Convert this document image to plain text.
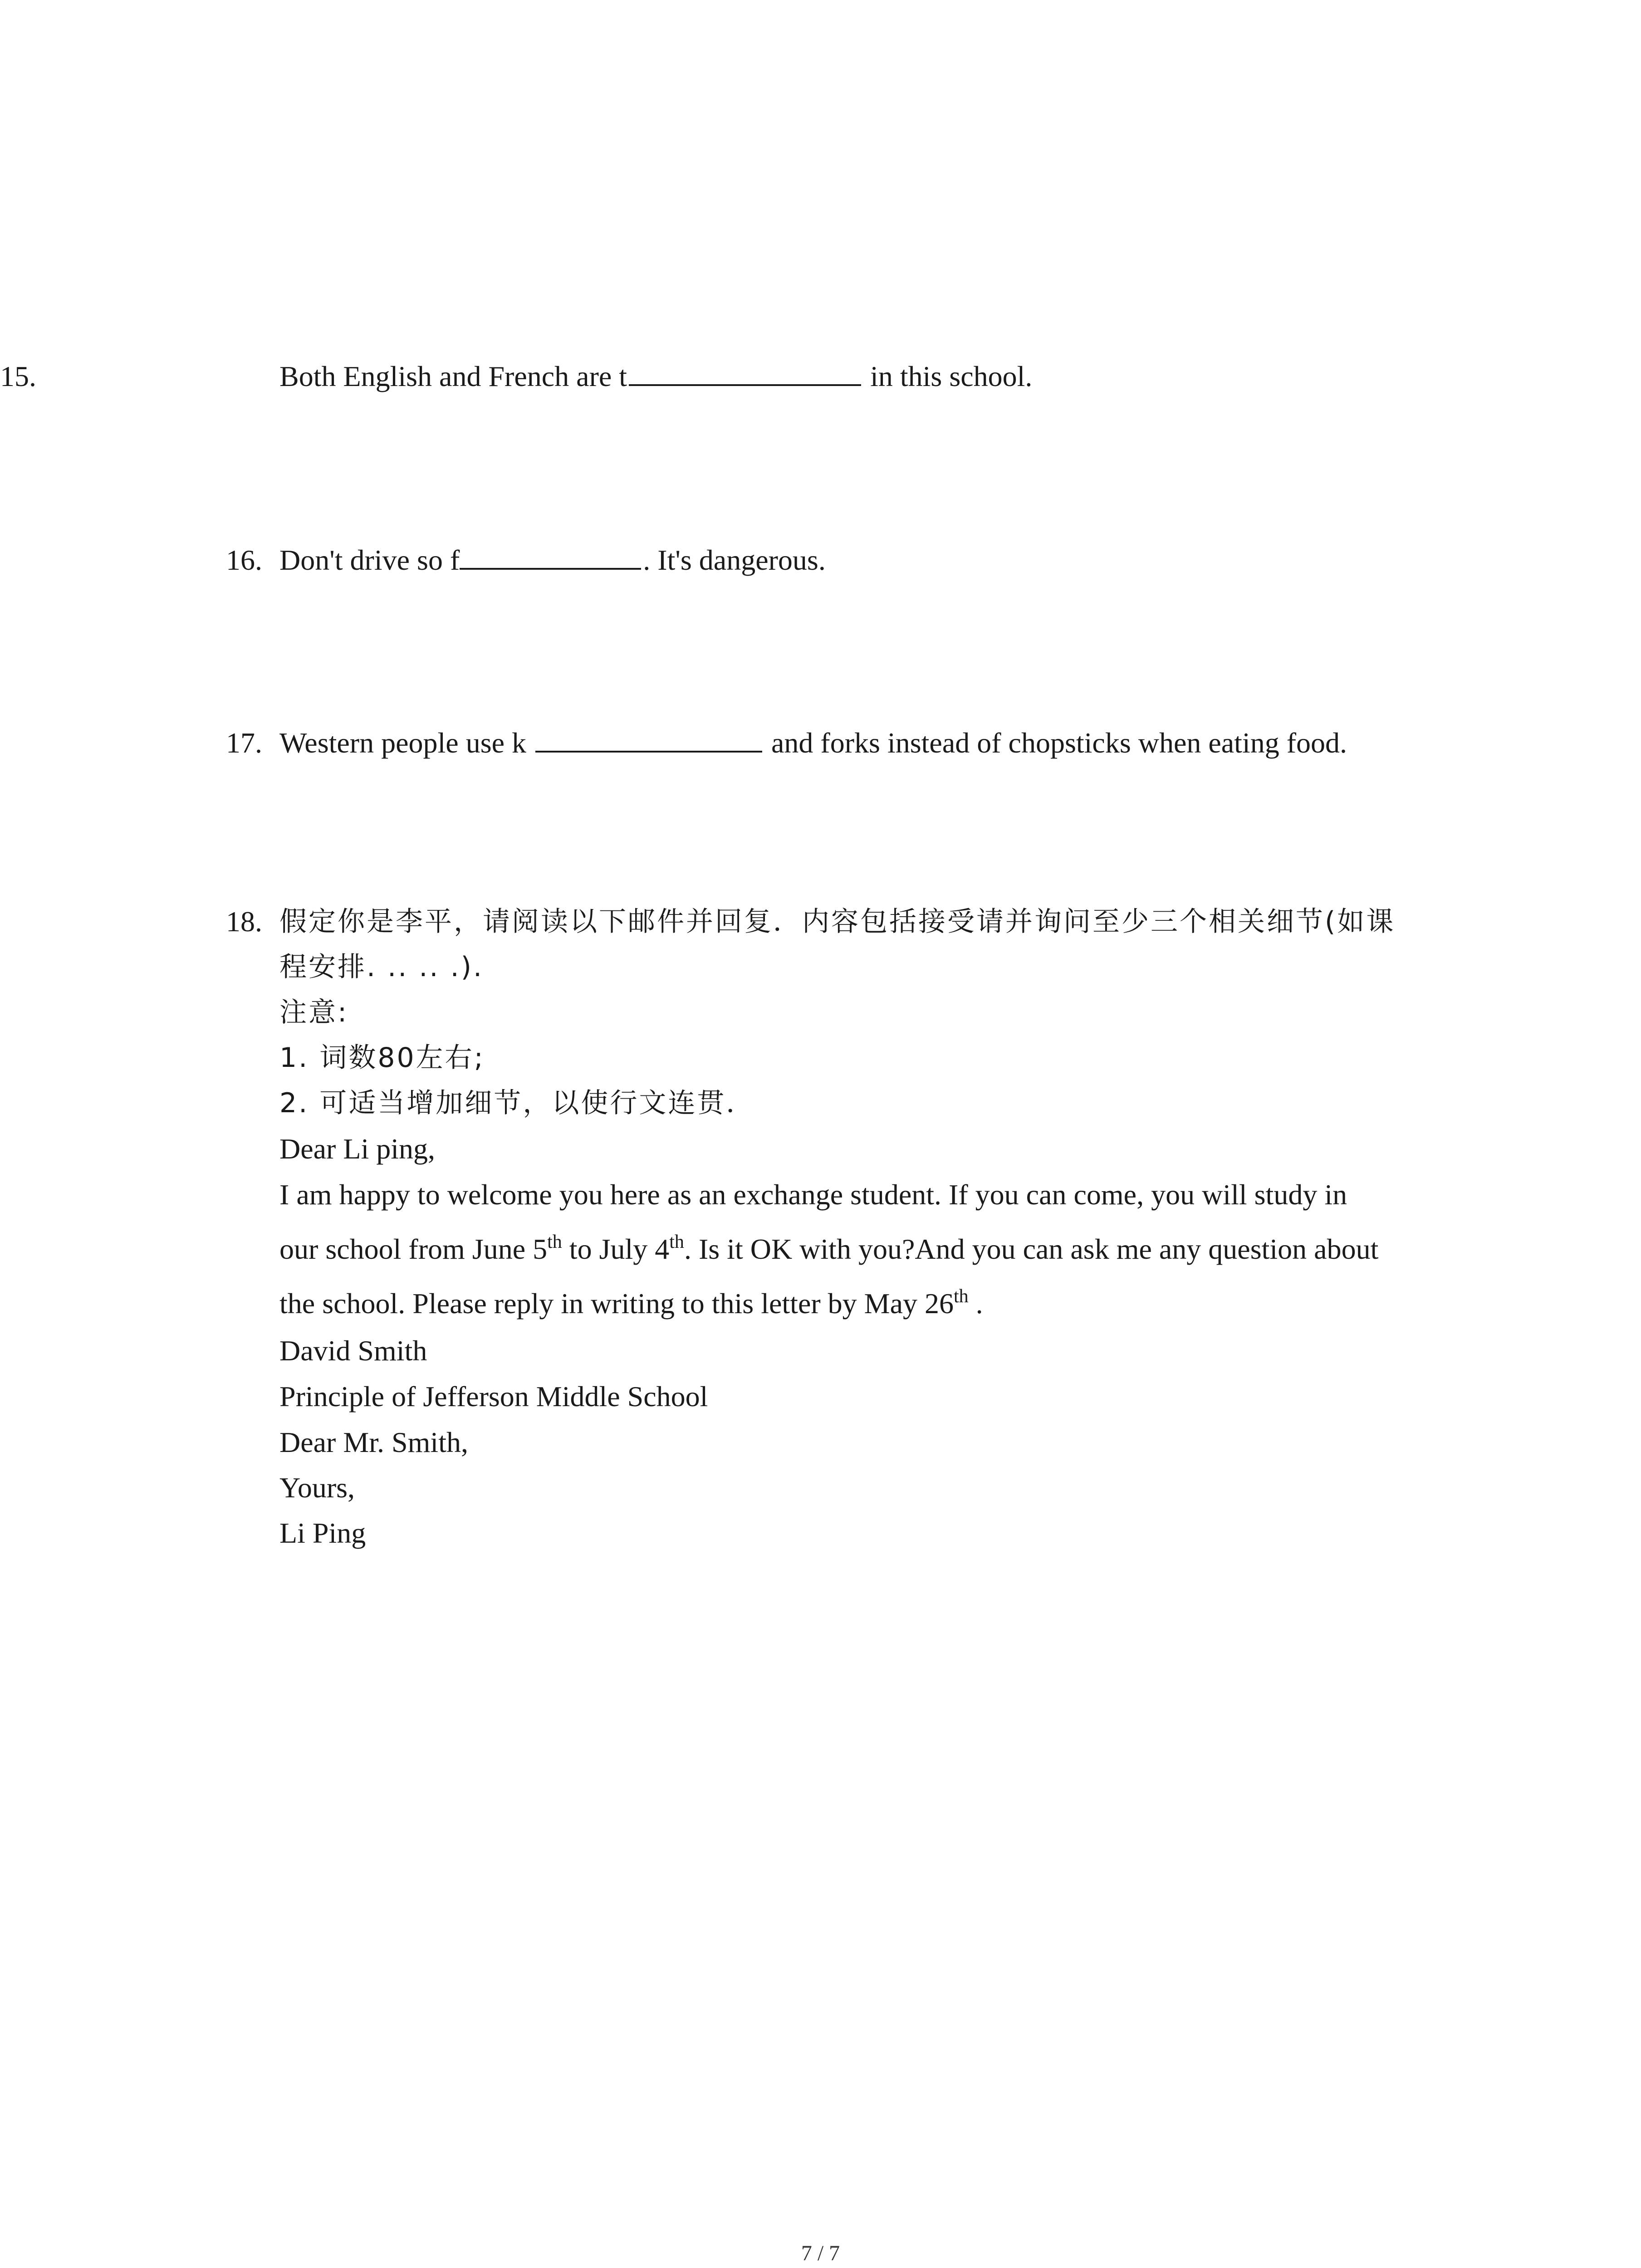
15.	Both English and French are t	in this school.
16. Don't drive so f	. It's dangerous.
17. Western people use k	and forks instead of chopsticks when eating food.
18. 假定你是李平，请阅读以下邮件并回复．内容包括接受请并询问至少三个相关细节(如课
程安排. .. .. .).
注意:
1. 词数80左右;
2. 可适当增加细节，以使行文连贯．
Dear Li ping,
I am happy to welcome you here as an exchange student. If you can come, you will study in
our school from June 5th to July 4th. Is it OK with you?And you can ask me any question about
the school. Please reply in writing to this letter by May 26th .
David Smith
Principle of Jefferson Middle School
Dear Mr. Smith,
Yours,
Li Ping
7 / 7
